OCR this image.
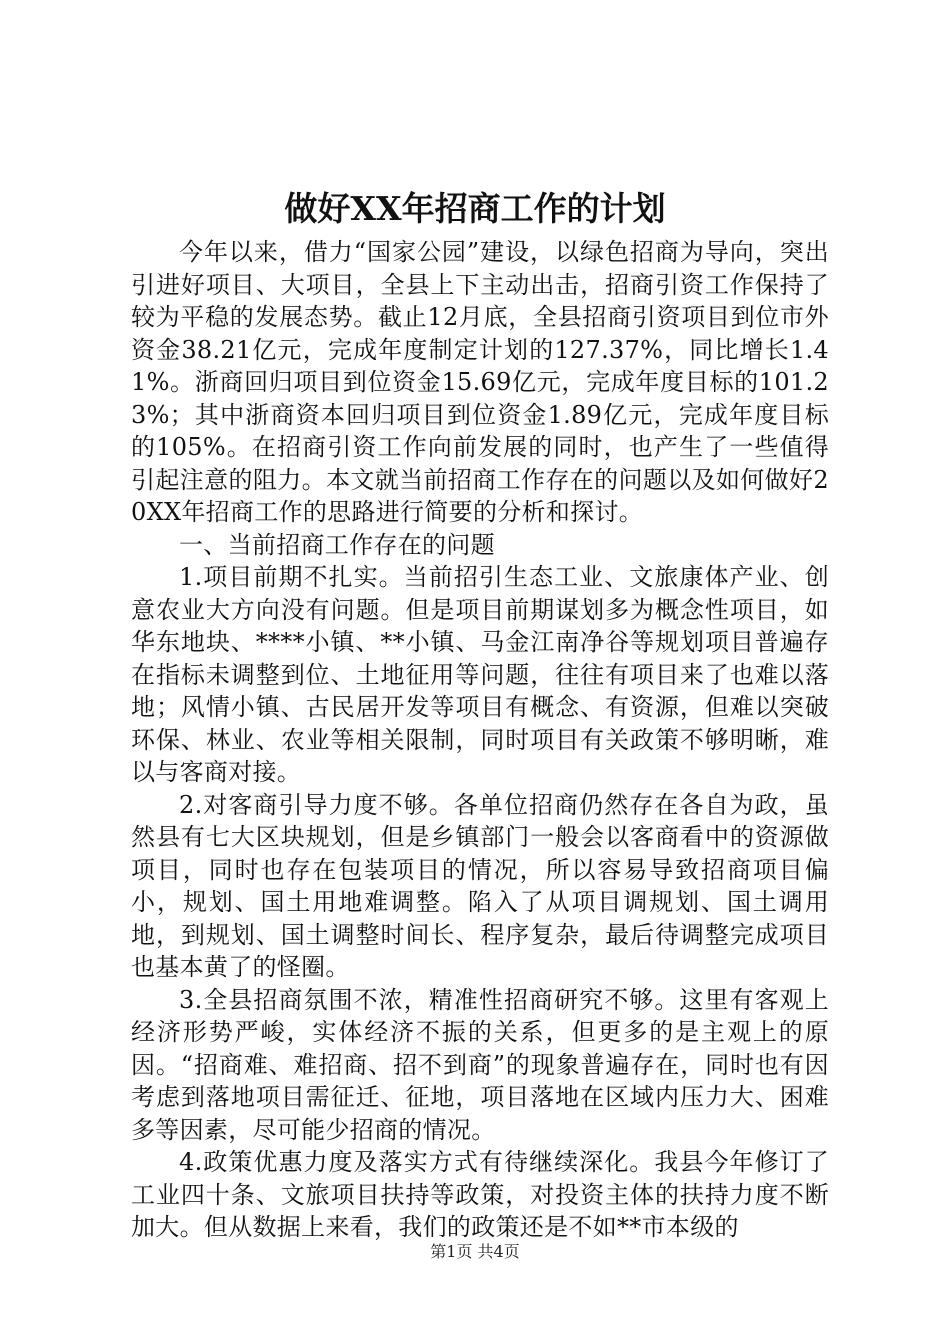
做好XX年招商工作的计划

今年以来，借力“国家公园”建设，以绿色招商为导向，突出引进好项目、大项目，全县上下主动出击，招商引资工作保持了较为平稳的发展态势。截止12月底，全县招商引资项目到位市外资金38.21亿元，完成年度制定计划的127.37%，同比增长1.41%。浙商回归项目到位资金15.69亿元，完成年度目标的101.23%；其中浙商资本回归项目到位资金1.89亿元，完成年度目标的105%。在招商引资工作向前发展的同时，也产生了一些值得引起注意的阻力。本文就当前招商工作存在的问题以及如何做好20XX年招商工作的思路进行简要的分析和探讨。

一、当前招商工作存在的问题

1.项目前期不扎实。当前招引生态工业、文旅康体产业、创意农业大方向没有问题。但是项目前期谋划多为概念性项目，如华东地块、****小镇、**小镇、马金江南净谷等规划项目普遍存在指标未调整到位、土地征用等问题，往往有项目来了也难以落地；风情小镇、古民居开发等项目有概念、有资源，但难以突破环保、林业、农业等相关限制，同时项目有关政策不够明晰，难以与客商对接。

2.对客商引导力度不够。各单位招商仍然存在各自为政，虽然县有七大区块规划，但是乡镇部门一般会以客商看中的资源做项目，同时也存在包装项目的情况，所以容易导致招商项目偏小，规划、国土用地难调整。陷入了从项目调规划、国土调用地，到规划、国土调整时间长、程序复杂，最后待调整完成项目也基本黄了的怪圈。

3.全县招商氛围不浓，精准性招商研究不够。这里有客观上经济形势严峻，实体经济不振的关系，但更多的是主观上的原因。“招商难、难招商、招不到商”的现象普遍存在，同时也有因考虑到落地项目需征迁、征地，项目落地在区域内压力大、困难多等因素，尽可能少招商的情况。

4.政策优惠力度及落实方式有待继续深化。我县今年修订了工业四十条、文旅项目扶持等政策，对投资主体的扶持力度不断加大。但从数据上来看，我们的政策还是不如**市本级的

第1页 共4页
